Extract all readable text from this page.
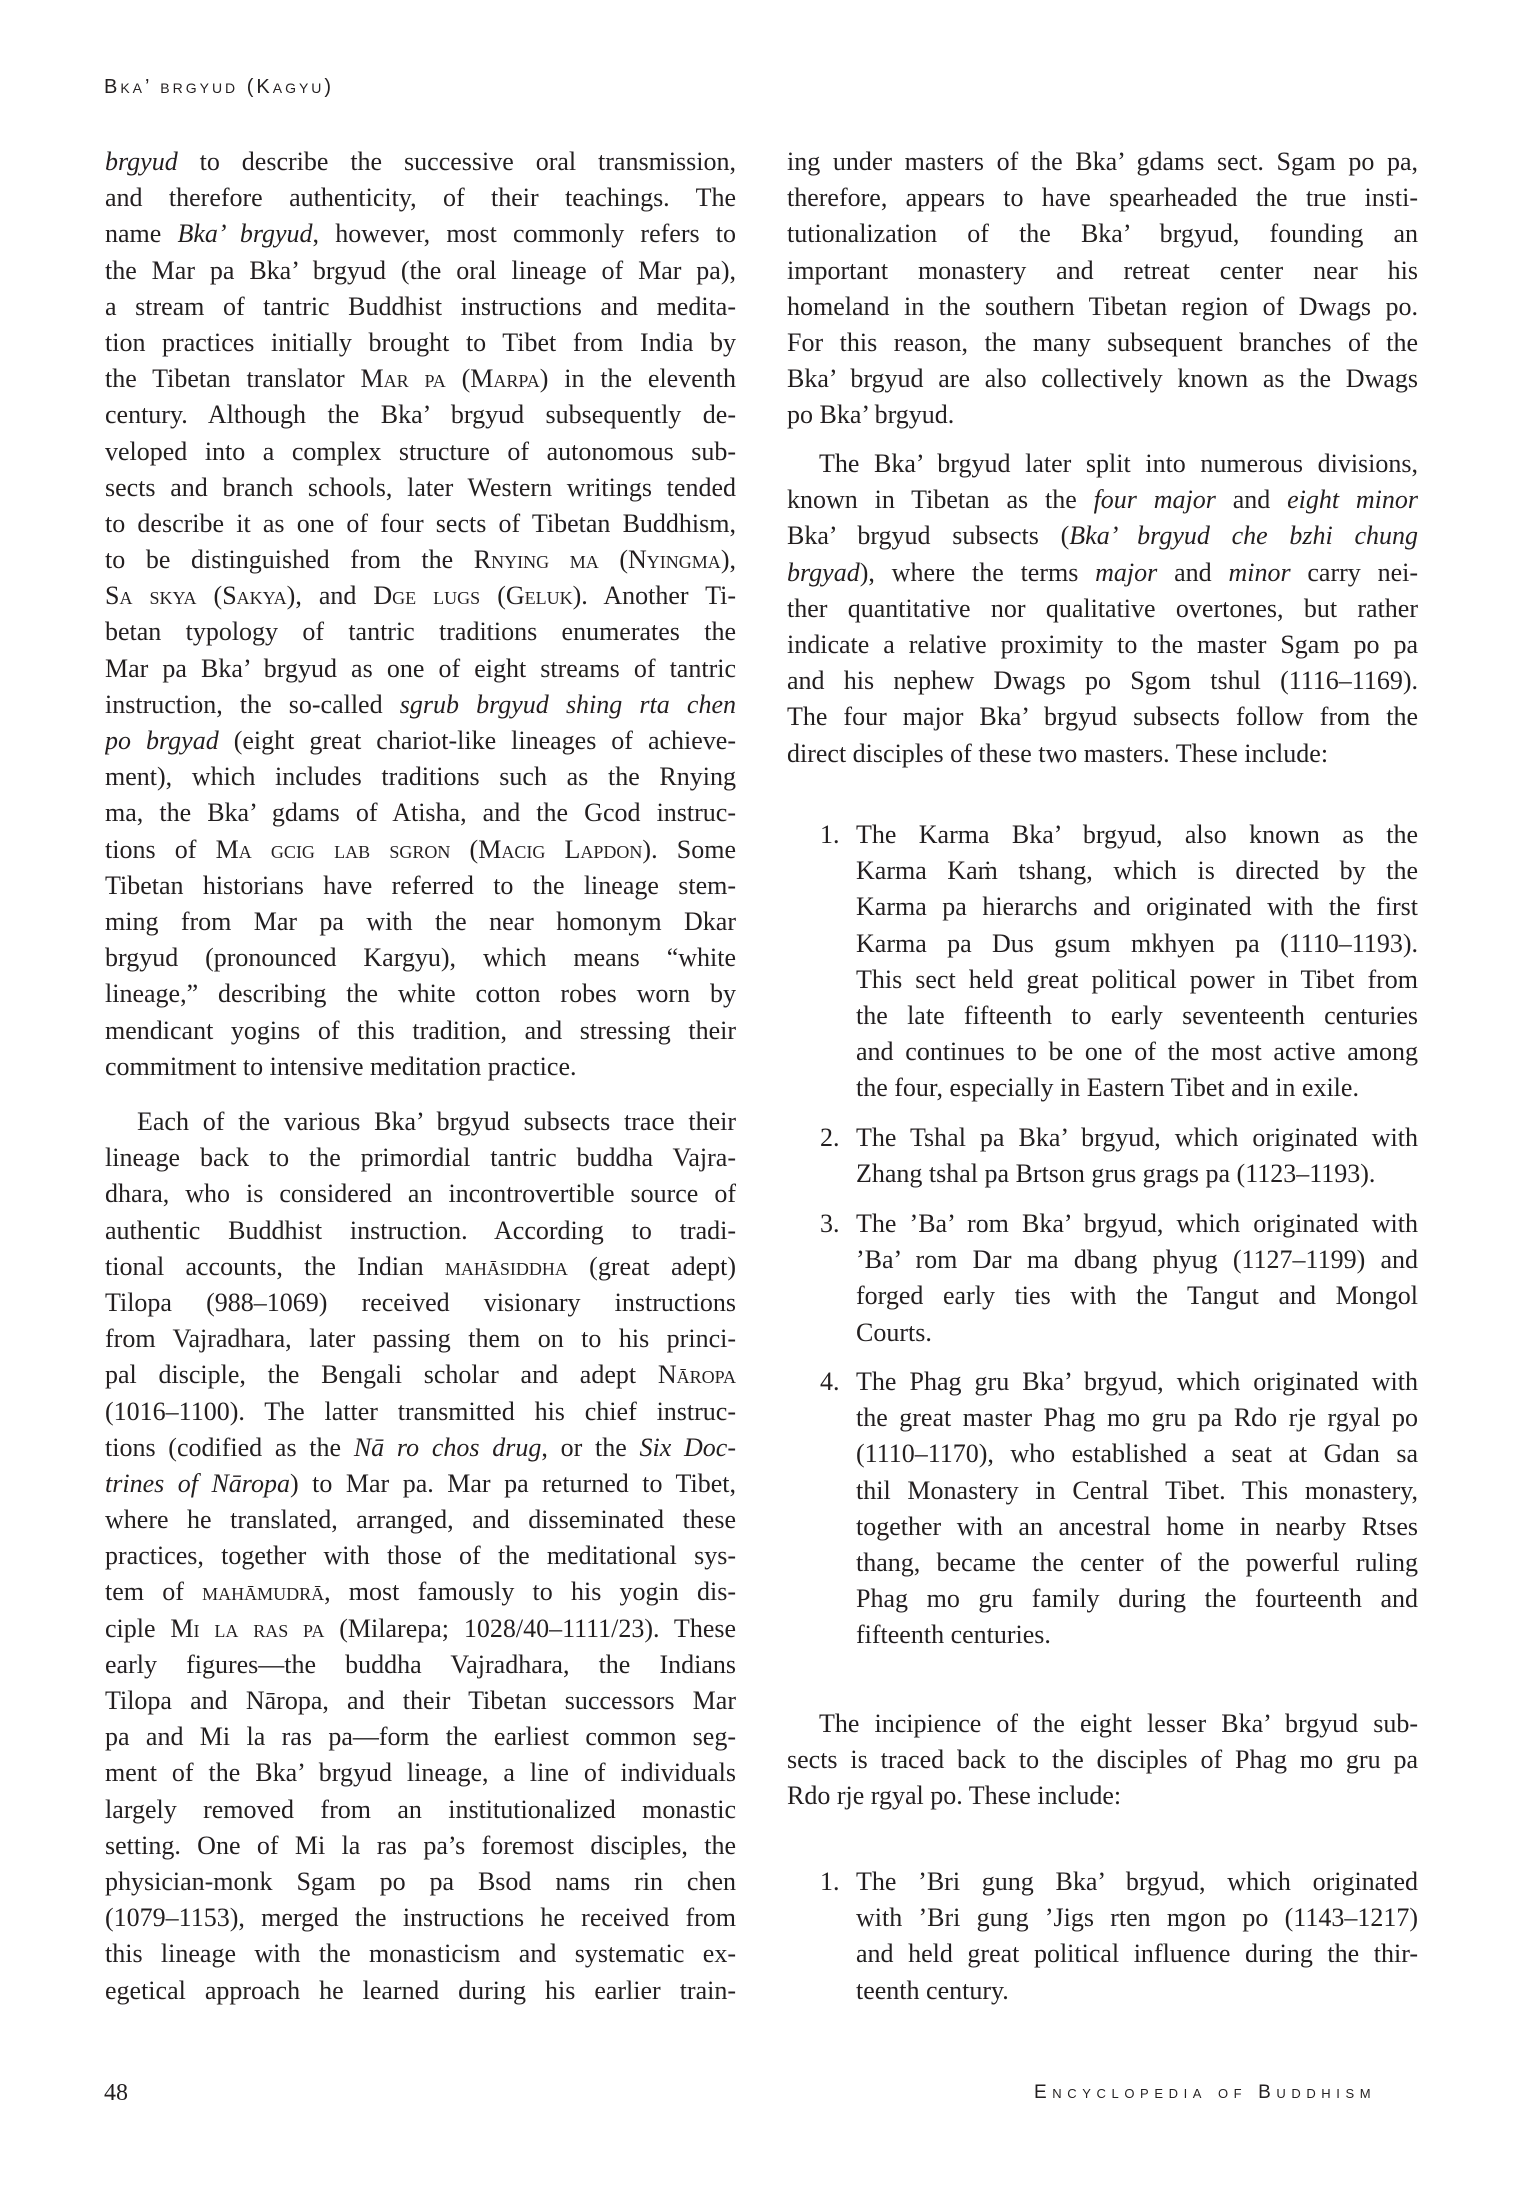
Bka’ brgyud (Kagyu)
brgyud to describe the successive oral transmission,
and therefore authenticity, of their teachings. The
name Bka’ brgyud, however, most commonly refers to
the Mar pa Bka’ brgyud (the oral lineage of Mar pa),
a stream of tantric Buddhist instructions and medita-
tion practices initially brought to Tibet from India by
the Tibetan translator Mar pa (Marpa) in the eleventh
century. Although the Bka’ brgyud subsequently de-
veloped into a complex structure of autonomous sub-
sects and branch schools, later Western writings tended
to describe it as one of four sects of Tibetan Buddhism,
to be distinguished from the Rnying ma (Nyingma),
Sa skya (Sakya), and Dge lugs (Geluk). Another Ti-
betan typology of tantric traditions enumerates the
Mar pa Bka’ brgyud as one of eight streams of tantric
instruction, the so-called sgrub brgyud shing rta chen
po brgyad (eight great chariot-like lineages of achieve-
ment), which includes traditions such as the Rnying
ma, the Bka’ gdams of Atisha, and the Gcod instruc-
tions of Ma gcig lab sgron (Macig Lapdon). Some
Tibetan historians have referred to the lineage stem-
ming from Mar pa with the near homonym Dkar
brgyud (pronounced Kargyu), which means “white
lineage,” describing the white cotton robes worn by
mendicant yogins of this tradition, and stressing their
commitment to intensive meditation practice.
Each of the various Bka’ brgyud subsects trace their
lineage back to the primordial tantric buddha Vajra-
dhara, who is considered an incontrovertible source of
authentic Buddhist instruction. According to tradi-
tional accounts, the Indian mahāsiddha (great adept)
Tilopa (988–1069) received visionary instructions
from Vajradhara, later passing them on to his princi-
pal disciple, the Bengali scholar and adept Nāropa
(1016–1100). The latter transmitted his chief instruc-
tions (codified as the Nā ro chos drug, or the Six Doc-
trines of Nāropa) to Mar pa. Mar pa returned to Tibet,
where he translated, arranged, and disseminated these
practices, together with those of the meditational sys-
tem of mahāmudrā, most famously to his yogin dis-
ciple Mi la ras pa (Milarepa; 1028/40–1111/23). These
early figures—the buddha Vajradhara, the Indians
Tilopa and Nāropa, and their Tibetan successors Mar
pa and Mi la ras pa—form the earliest common seg-
ment of the Bka’ brgyud lineage, a line of individuals
largely removed from an institutionalized monastic
setting. One of Mi la ras pa’s foremost disciples, the
physician-monk Sgam po pa Bsod nams rin chen
(1079–1153), merged the instructions he received from
this lineage with the monasticism and systematic ex-
egetical approach he learned during his earlier train-
ing under masters of the Bka’ gdams sect. Sgam po pa,
therefore, appears to have spearheaded the true insti-
tutionalization of the Bka’ brgyud, founding an
important monastery and retreat center near his
homeland in the southern Tibetan region of Dwags po.
For this reason, the many subsequent branches of the
Bka’ brgyud are also collectively known as the Dwags
po Bka’ brgyud.
The Bka’ brgyud later split into numerous divisions,
known in Tibetan as the four major and eight minor
Bka’ brgyud subsects (Bka’ brgyud che bzhi chung
brgyad), where the terms major and minor carry nei-
ther quantitative nor qualitative overtones, but rather
indicate a relative proximity to the master Sgam po pa
and his nephew Dwags po Sgom tshul (1116–1169).
The four major Bka’ brgyud subsects follow from the
direct disciples of these two masters. These include:
1. The Karma Bka’ brgyud, also known as the
Karma Kaṁ tshang, which is directed by the
Karma pa hierarchs and originated with the first
Karma pa Dus gsum mkhyen pa (1110–1193).
This sect held great political power in Tibet from
the late fifteenth to early seventeenth centuries
and continues to be one of the most active among
the four, especially in Eastern Tibet and in exile.
2. The Tshal pa Bka’ brgyud, which originated with
Zhang tshal pa Brtson grus grags pa (1123–1193).
3. The ’Ba’ rom Bka’ brgyud, which originated with
’Ba’ rom Dar ma dbang phyug (1127–1199) and
forged early ties with the Tangut and Mongol
Courts.
4. The Phag gru Bka’ brgyud, which originated with
the great master Phag mo gru pa Rdo rje rgyal po
(1110–1170), who established a seat at Gdan sa
thil Monastery in Central Tibet. This monastery,
together with an ancestral home in nearby Rtses
thang, became the center of the powerful ruling
Phag mo gru family during the fourteenth and
fifteenth centuries.
The incipience of the eight lesser Bka’ brgyud sub-
sects is traced back to the disciples of Phag mo gru pa
Rdo rje rgyal po. These include:
1. The ’Bri gung Bka’ brgyud, which originated
with ’Bri gung ’Jigs rten mgon po (1143–1217)
and held great political influence during the thir-
teenth century.
48	Encyclopedia of Buddhism
